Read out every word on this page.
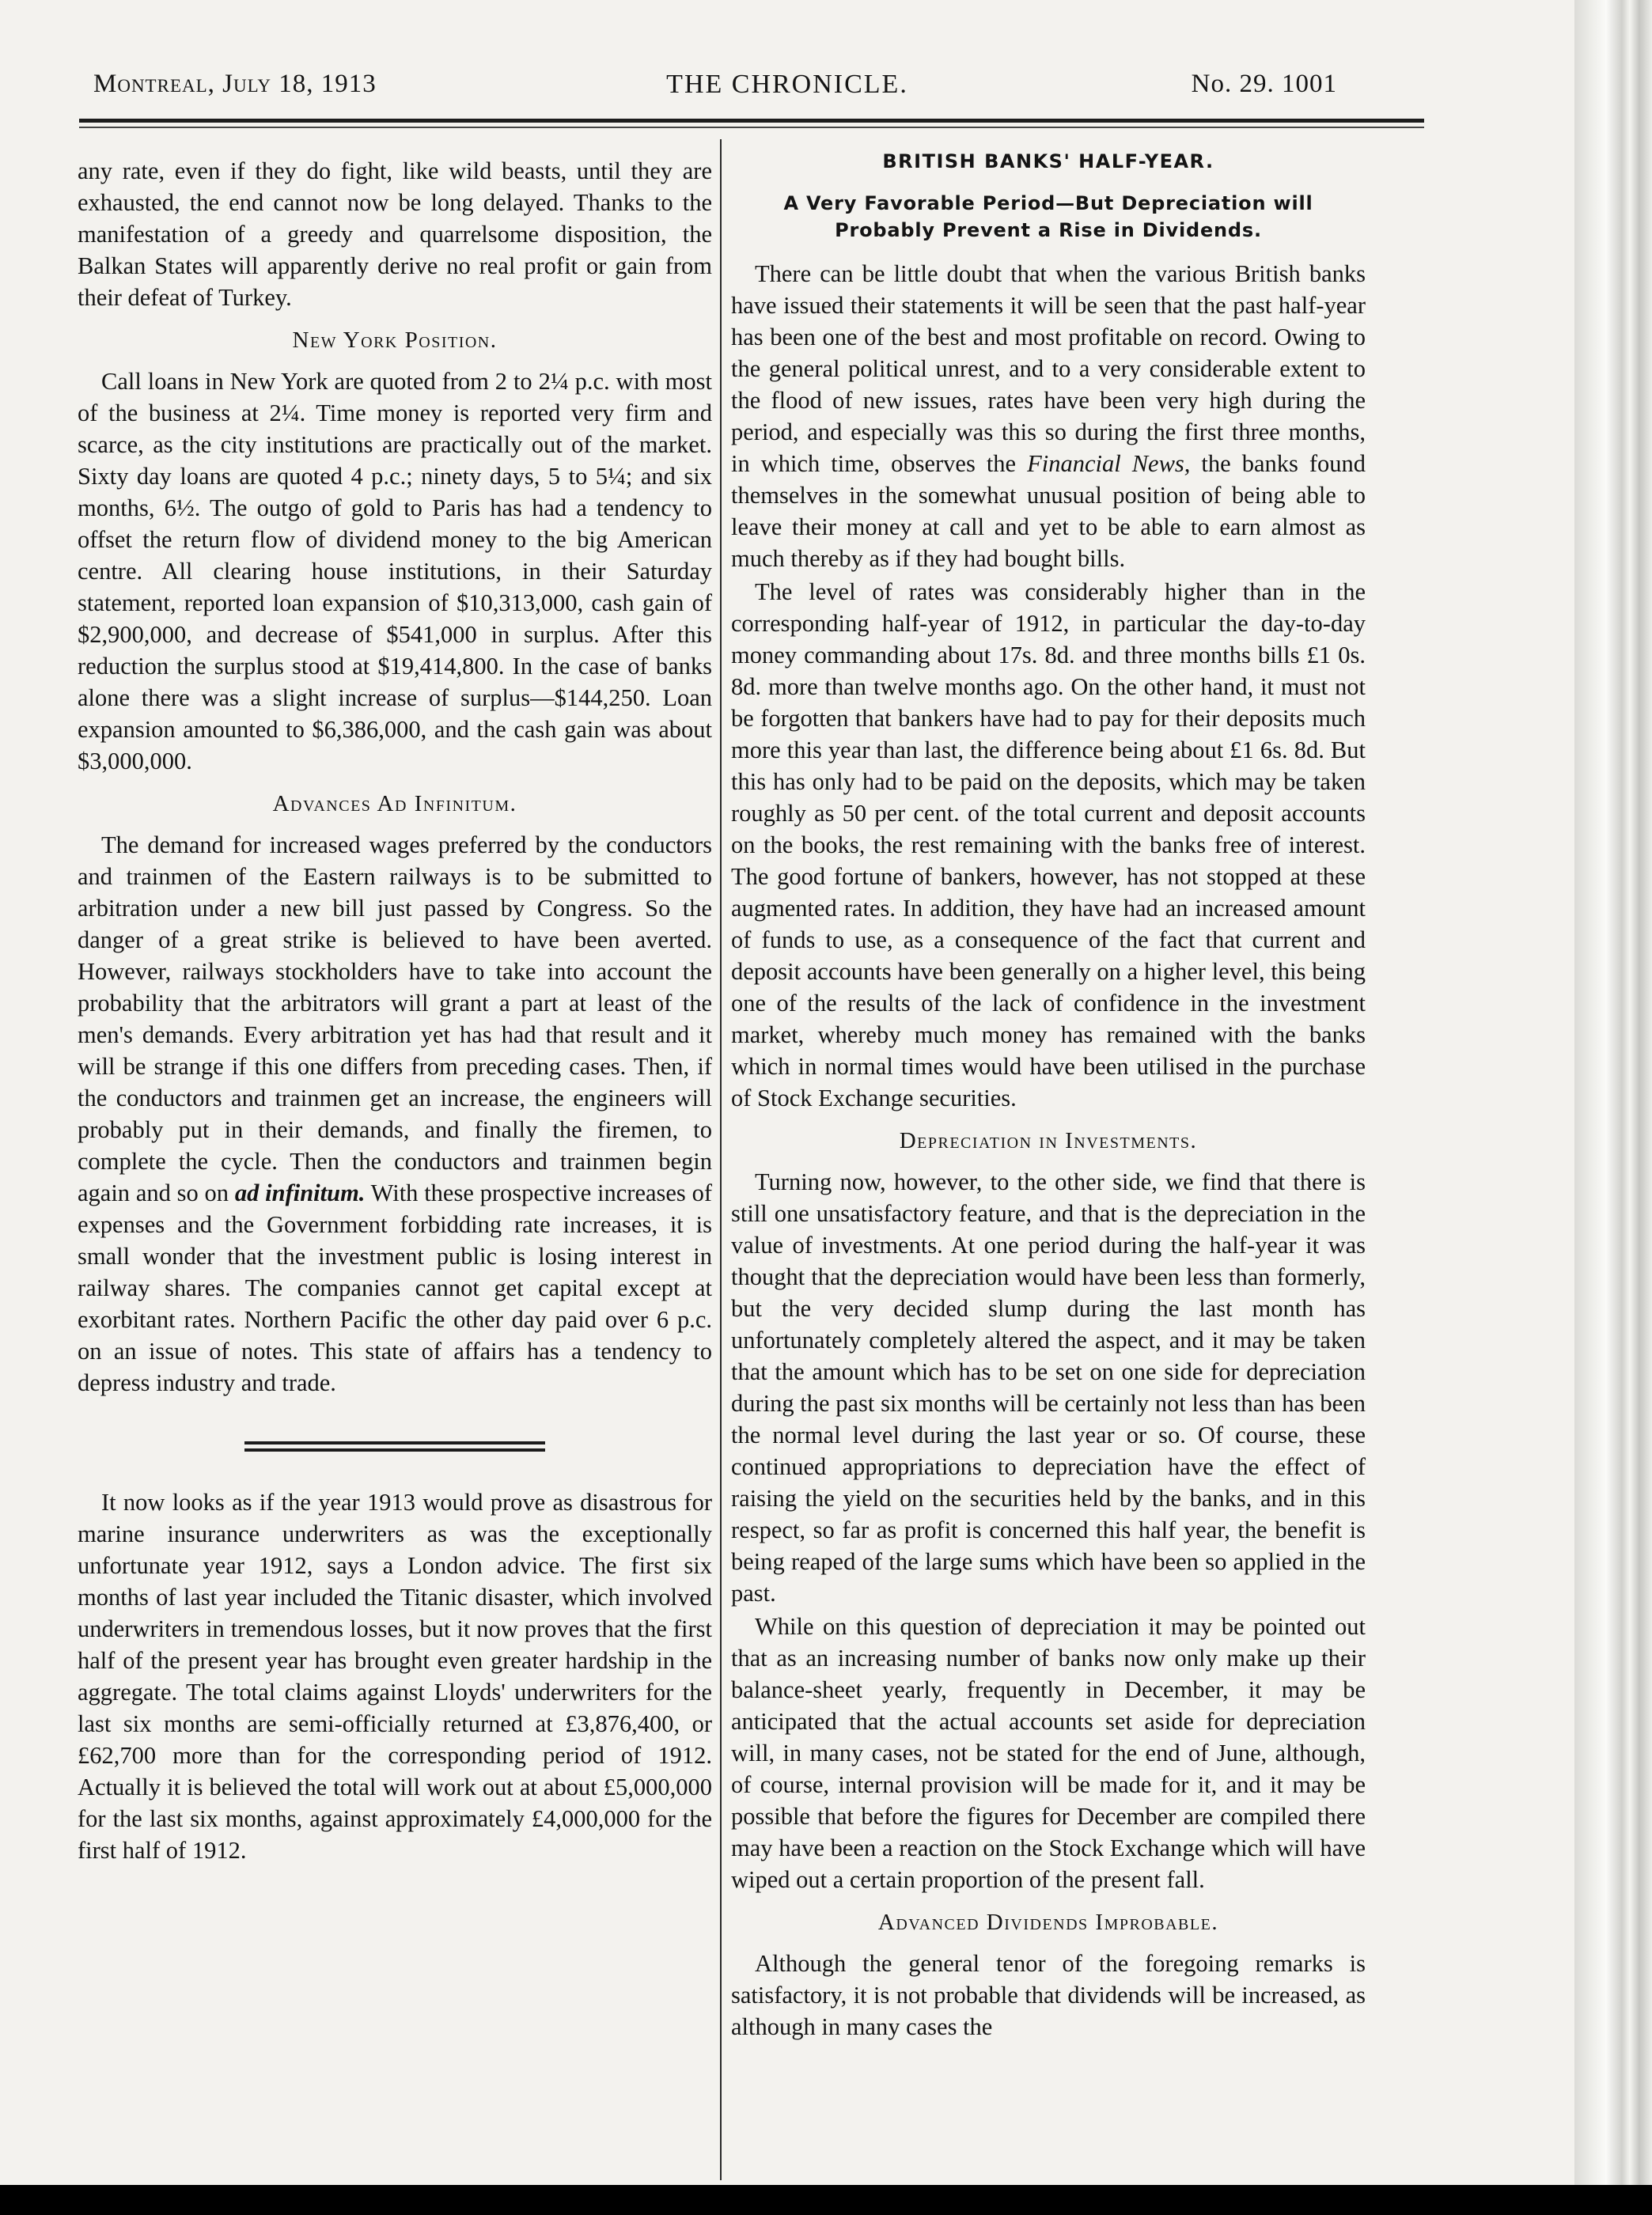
Montreal, July 18, 1913	THE CHRONICLE.	No. 29. 1001

any rate, even if they do fight, like wild beasts, until they are exhausted, the end cannot now be long delayed. Thanks to the manifestation of a greedy and quarrelsome disposition, the Balkan States will apparently derive no real profit or gain from their defeat of Turkey.

New York Position.

Call loans in New York are quoted from 2 to 2¼ p.c. with most of the business at 2¼. Time money is reported very firm and scarce, as the city institutions are practically out of the market. Sixty day loans are quoted 4 p.c.; ninety days, 5 to 5¼; and six months, 6½. The outgo of gold to Paris has had a tendency to offset the return flow of dividend money to the big American centre. All clearing house institutions, in their Saturday statement, reported loan expansion of $10,313,000, cash gain of $2,900,000, and decrease of $541,000 in surplus. After this reduction the surplus stood at $19,414,800. In the case of banks alone there was a slight increase of surplus—$144,250. Loan expansion amounted to $6,386,000, and the cash gain was about $3,000,000.

Advances Ad Infinitum.

The demand for increased wages preferred by the conductors and trainmen of the Eastern railways is to be submitted to arbitration under a new bill just passed by Congress. So the danger of a great strike is believed to have been averted. However, railways stockholders have to take into account the probability that the arbitrators will grant a part at least of the men's demands. Every arbitration yet has had that result and it will be strange if this one differs from preceding cases. Then, if the conductors and trainmen get an increase, the engineers will probably put in their demands, and finally the firemen, to complete the cycle. Then the conductors and trainmen begin again and so on ad infinitum. With these prospective increases of expenses and the Government forbidding rate increases, it is small wonder that the investment public is losing interest in railway shares. The companies cannot get capital except at exorbitant rates. Northern Pacific the other day paid over 6 p.c. on an issue of notes. This state of affairs has a tendency to depress industry and trade.

It now looks as if the year 1913 would prove as disastrous for marine insurance underwriters as was the exceptionally unfortunate year 1912, says a London advice. The first six months of last year included the Titanic disaster, which involved underwriters in tremendous losses, but it now proves that the first half of the present year has brought even greater hardship in the aggregate. The total claims against Lloyds' underwriters for the last six months are semi-officially returned at £3,876,400, or £62,700 more than for the corresponding period of 1912. Actually it is believed the total will work out at about £5,000,000 for the last six months, against approximately £4,000,000 for the first half of 1912.

BRITISH BANKS' HALF-YEAR.
A Very Favorable Period—But Depreciation will Probably Prevent a Rise in Dividends.

There can be little doubt that when the various British banks have issued their statements it will be seen that the past half-year has been one of the best and most profitable on record. Owing to the general political unrest, and to a very considerable extent to the flood of new issues, rates have been very high during the period, and especially was this so during the first three months, in which time, observes the Financial News, the banks found themselves in the somewhat unusual position of being able to leave their money at call and yet to be able to earn almost as much thereby as if they had bought bills.

The level of rates was considerably higher than in the corresponding half-year of 1912, in particular the day-to-day money commanding about 17s. 8d. and three months bills £1 0s. 8d. more than twelve months ago. On the other hand, it must not be forgotten that bankers have had to pay for their deposits much more this year than last, the difference being about £1 6s. 8d. But this has only had to be paid on the deposits, which may be taken roughly as 50 per cent. of the total current and deposit accounts on the books, the rest remaining with the banks free of interest. The good fortune of bankers, however, has not stopped at these augmented rates. In addition, they have had an increased amount of funds to use, as a consequence of the fact that current and deposit accounts have been generally on a higher level, this being one of the results of the lack of confidence in the investment market, whereby much money has remained with the banks which in normal times would have been utilised in the purchase of Stock Exchange securities.

Depreciation in Investments.

Turning now, however, to the other side, we find that there is still one unsatisfactory feature, and that is the depreciation in the value of investments. At one period during the half-year it was thought that the depreciation would have been less than formerly, but the very decided slump during the last month has unfortunately completely altered the aspect, and it may be taken that the amount which has to be set on one side for depreciation during the past six months will be certainly not less than has been the normal level during the last year or so. Of course, these continued appropriations to depreciation have the effect of raising the yield on the securities held by the banks, and in this respect, so far as profit is concerned this half year, the benefit is being reaped of the large sums which have been so applied in the past.

While on this question of depreciation it may be pointed out that as an increasing number of banks now only make up their balance-sheet yearly, frequently in December, it may be anticipated that the actual accounts set aside for depreciation will, in many cases, not be stated for the end of June, although, of course, internal provision will be made for it, and it may be possible that before the figures for December are compiled there may have been a reaction on the Stock Exchange which will have wiped out a certain proportion of the present fall.

Advanced Dividends Improbable.

Although the general tenor of the foregoing remarks is satisfactory, it is not probable that dividends will be increased, as although in many cases the
